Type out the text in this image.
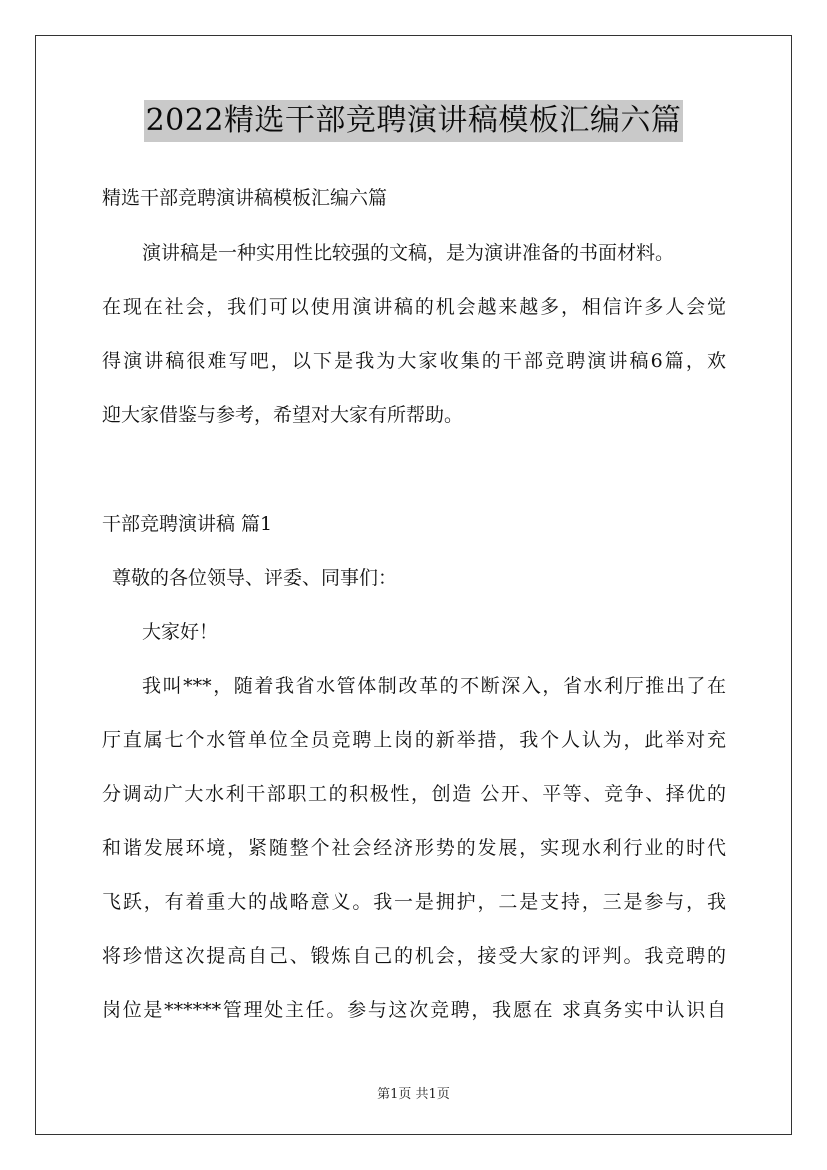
2022精选干部竞聘演讲稿模板汇编六篇
精选干部竞聘演讲稿模板汇编六篇
演讲稿是一种实用性比较强的文稿，是为演讲准备的书面材料。
在现在社会，我们可以使用演讲稿的机会越来越多，相信许多人会觉
得演讲稿很难写吧，以下是我为大家收集的干部竞聘演讲稿6篇，欢
迎大家借鉴与参考，希望对大家有所帮助。
干部竞聘演讲稿 篇1
尊敬的各位领导、评委、同事们：
大家好！
我叫***，随着我省水管体制改革的不断深入，省水利厅推出了在
厅直属七个水管单位全员竞聘上岗的新举措，我个人认为，此举对充
分调动广大水利干部职工的积极性，创造 公开、平等、竞争、择优的
和谐发展环境，紧随整个社会经济形势的发展，实现水利行业的时代
飞跃，有着重大的战略意义。我一是拥护，二是支持，三是参与，我
将珍惜这次提高自己、锻炼自己的机会，接受大家的评判。我竞聘的
岗位是******管理处主任。参与这次竞聘，我愿在 求真务实中认识自
第1页 共1页
